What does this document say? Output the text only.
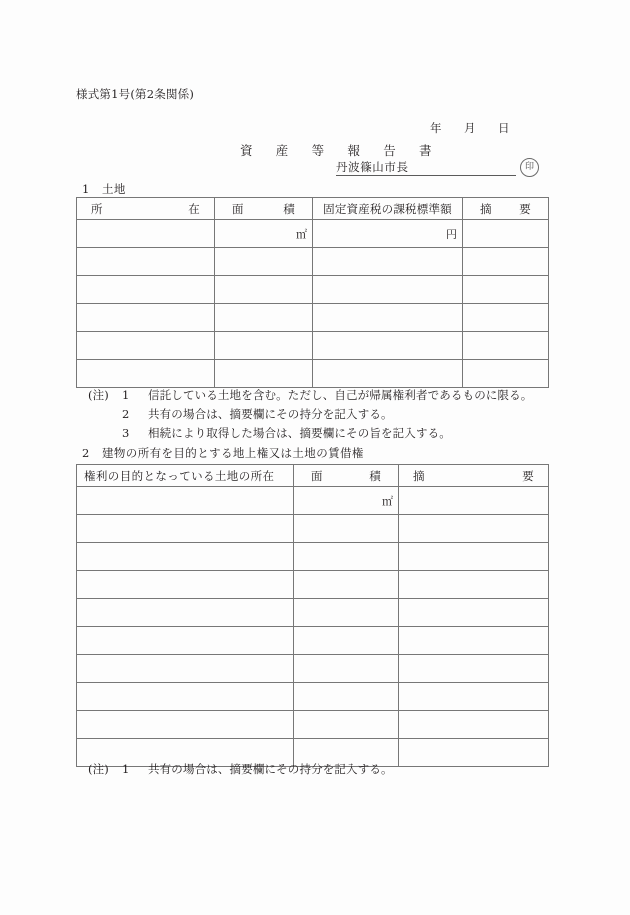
様式第1号(第2条関係)
年 月 日
資　産　等　報　告　書
丹波篠山市長	印
1 土地
所 在	面 積	固定資産税の課税標準額	摘 要

	㎡	円	

(注)	1	信託している土地を含む。ただし、自己が帰属権利者であるものに限る。
2	共有の場合は、摘要欄にその持分を記入する。
3	相続により取得した場合は、摘要欄にその旨を記入する。
2 建物の所有を目的とする地上権又は土地の賃借権
権利の目的となっている土地の所在	面 積	摘 要

	㎡	

(注)	1	共有の場合は、摘要欄にその持分を記入する。
